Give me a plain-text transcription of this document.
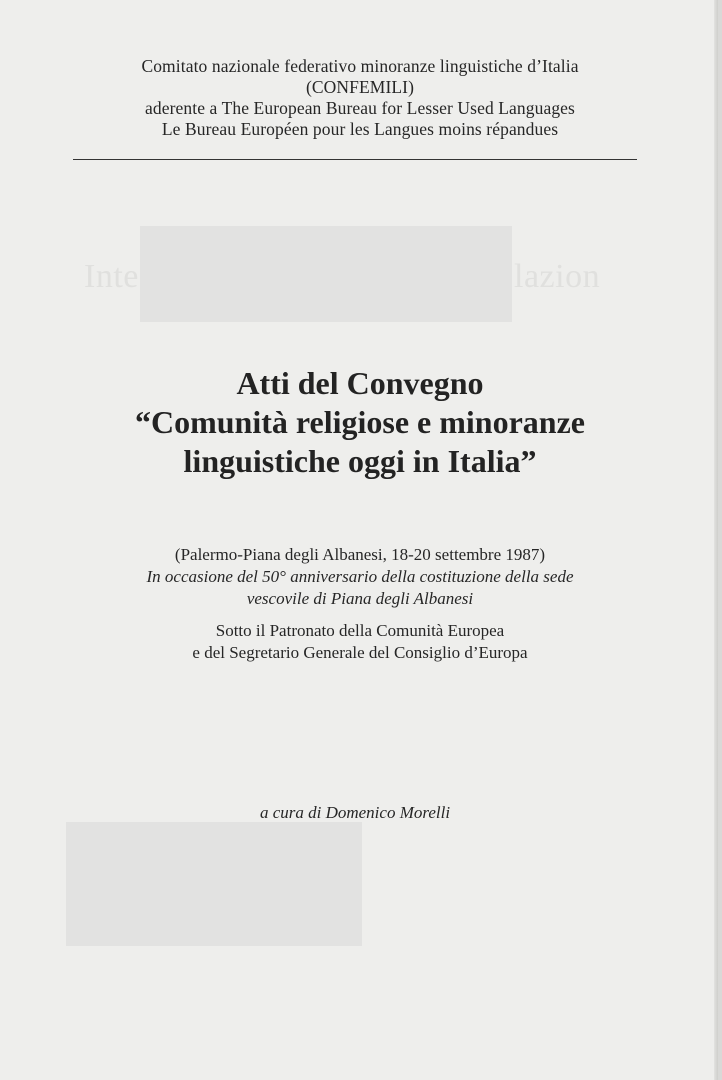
Comitato nazionale federativo minoranze linguistiche d’Italia
(CONFEMILI)
aderente a The European Bureau for Lesser Used Languages
Le Bureau Européen pour les Langues moins répandues
Inte	lazion
Atti del Convegno
“Comunità religiose e minoranze
linguistiche oggi in Italia”
(Palermo-Piana degli Albanesi, 18-20 settembre 1987)
In occasione del 50° anniversario della costituzione della sede
vescovile di Piana degli Albanesi
Sotto il Patronato della Comunità Europea
e del Segretario Generale del Consiglio d’Europa
a cura di Domenico Morelli
